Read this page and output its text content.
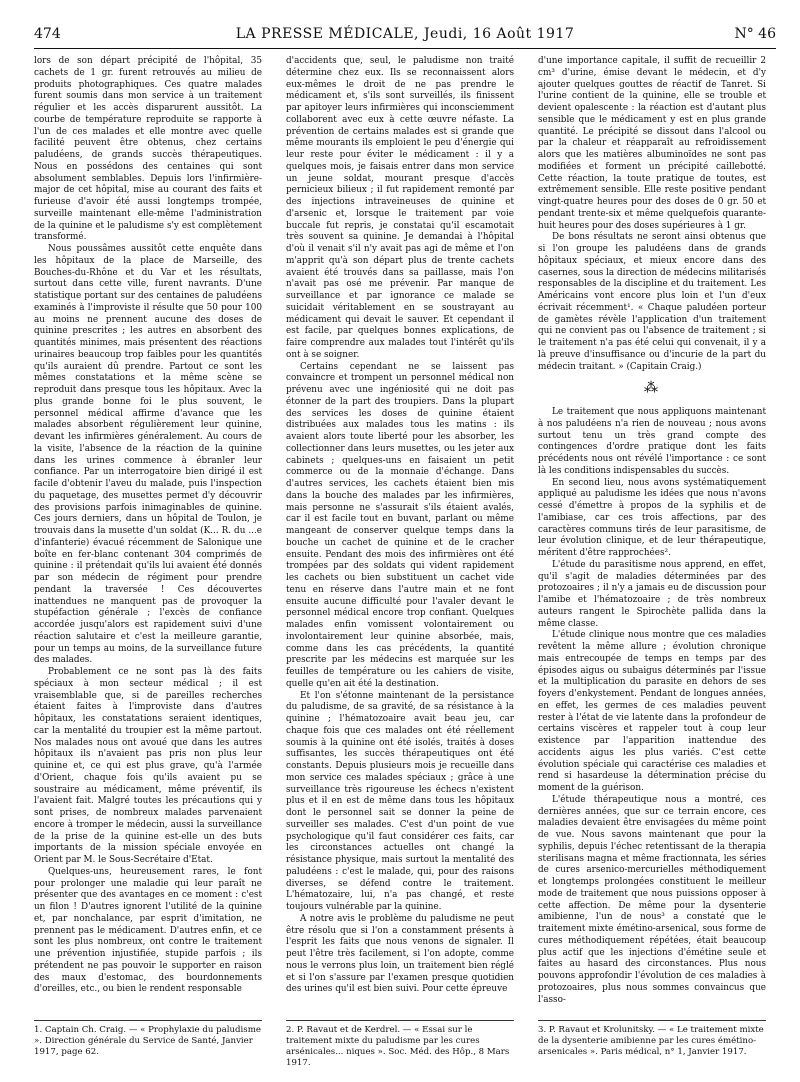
474	LA PRESSE MÉDICALE, Jeudi, 16 Août 1917	N° 46

lors de son départ précipité de l'hôpital, 35 cachets de 1 gr. furent retrouvés au milieu de produits photographiques. Ces quatre malades furent soumis dans mon service à un traitement régulier et les accès disparurent aussitôt. La courbe de température reproduite se rapporte à l'un de ces malades et elle montre avec quelle facilité peuvent être obtenus, chez certains paludéens, de grands succès thérapeutiques. Nous en possédons des centaines qui sont absolument semblables. Depuis lors l'infirmière-major de cet hôpital, mise au courant des faits et furieuse d'avoir été aussi longtemps trompée, surveille maintenant elle-même l'administration de la quinine et le paludisme s'y est complètement transformé.

Nous poussâmes aussitôt cette enquête dans les hôpitaux de la place de Marseille, des Bouches-du-Rhône et du Var et les résultats, surtout dans cette ville, furent navrants. D'une statistique portant sur des centaines de paludéens examinés à l'improviste il résulte que 50 pour 100 au moins ne prennent aucune des doses de quinine prescrites ; les autres en absorbent des quantités minimes, mais présentent des réactions urinaires beaucoup trop faibles pour les quantités qu'ils auraient dû prendre. Partout ce sont les mêmes constatations et la même scène se reproduit dans presque tous les hôpitaux. Avec la plus grande bonne foi le plus souvent, le personnel médical affirme d'avance que les malades absorbent régulièrement leur quinine, devant les infirmières généralement. Au cours de la visite, l'absence de la réaction de la quinine dans les urines commence à ébranler leur confiance. Par un interrogatoire bien dirigé il est facile d'obtenir l'aveu du malade, puis l'inspection du paquetage, des musettes permet d'y découvrir des provisions parfois inimaginables de quinine. Ces jours derniers, dans un hôpital de Toulon, je trouvais dans la musette d'un soldat (K... R. du ...e d'infanterie) évacué récemment de Salonique une boîte en fer-blanc contenant 304 comprimés de quinine : il prétendait qu'ils lui avaient été donnés par son médecin de régiment pour prendre pendant la traversée ! Ces découvertes inattendues ne manquent pas de provoquer la stupéfaction générale ; l'excès de confiance accordée jusqu'alors est rapidement suivi d'une réaction salutaire et c'est la meilleure garantie, pour un temps au moins, de la surveillance future des malades.

Probablement ce ne sont pas là des faits spéciaux à mon secteur médical ; il est vraisemblable que, si de pareilles recherches étaient faites à l'improviste dans d'autres hôpitaux, les constatations seraient identiques, car la mentalité du troupier est la même partout. Nos malades nous ont avoué que dans les autres hôpitaux ils n'avaient pas pris non plus leur quinine et, ce qui est plus grave, qu'à l'armée d'Orient, chaque fois qu'ils avaient pu se soustraire au médicament, même préventif, ils l'avaient fait. Malgré toutes les précautions qui y sont prises, de nombreux malades parvenaient encore à tromper le médecin, aussi la surveillance de la prise de la quinine est-elle un des buts importants de la mission spéciale envoyée en Orient par M. le Sous-Secrétaire d'Etat.

Quelques-uns, heureusement rares, le font pour prolonger une maladie qui leur paraît ne présenter que des avantages en ce moment : c'est un filon ! D'autres ignorent l'utilité de la quinine et, par nonchalance, par esprit d'imitation, ne prennent pas le médicament. D'autres enfin, et ce sont les plus nombreux, ont contre le traitement une prévention injustifiée, stupide parfois ; ils prétendent ne pas pouvoir le supporter en raison des maux d'estomac, des bourdonnements d'oreilles, etc., ou bien le rendent responsable

d'accidents que, seul, le paludisme non traité détermine chez eux. Ils se reconnaissent alors eux-mêmes le droit de ne pas prendre le médicament et, s'ils sont surveillés, ils finissent par apitoyer leurs infirmières qui inconsciemment collaborent avec eux à cette œuvre néfaste. La prévention de certains malades est si grande que même mourants ils emploient le peu d'énergie qui leur reste pour éviter le médicament : il y a quelques mois, je faisais entrer dans mon service un jeune soldat, mourant presque d'accès pernicieux bilieux ; il fut rapidement remonté par des injections intraveineuses de quinine et d'arsenic et, lorsque le traitement par voie buccale fut repris, je constatai qu'il escamotait très souvent sa quinine. Je demandai à l'hôpital d'où il venait s'il n'y avait pas agi de même et l'on m'apprit qu'à son départ plus de trente cachets avaient été trouvés dans sa paillasse, mais l'on n'avait pas osé me prévenir. Par manque de surveillance et par ignorance ce malade se suicidait véritablement en se soustrayant au médicament qui devait le sauver. Et cependant il est facile, par quelques bonnes explications, de faire comprendre aux malades tout l'intérêt qu'ils ont à se soigner.

Certains cependant ne se laissent pas convaincre et trompent un personnel médical non prévenu avec une ingéniosité qui ne doit pas étonner de la part des troupiers. Dans la plupart des services les doses de quinine étaient distribuées aux malades tous les matins : ils avaient alors toute liberté pour les absorber, les collectionner dans leurs musettes, ou les jeter aux cabinets ; quelques-uns en faisaient un petit commerce ou de la monnaie d'échange. Dans d'autres services, les cachets étaient bien mis dans la bouche des malades par les infirmières, mais personne ne s'assurait s'ils étaient avalés, car il est facile tout en buvant, parlant ou même mangeant de conserver quelque temps dans la bouche un cachet de quinine et de le cracher ensuite. Pendant des mois des infirmières ont été trompées par des soldats qui vident rapidement les cachets ou bien substituent un cachet vide tenu en réserve dans l'autre main et ne font ensuite aucune difficulté pour l'avaler devant le personnel médical encore trop confiant. Quelques malades enfin vomissent volontairement ou involontairement leur quinine absorbée, mais, comme dans les cas précédents, la quantité prescrite par les médecins est marquée sur les feuilles de température ou les cahiers de visite, quelle qu'en ait été la destination.

Et l'on s'étonne maintenant de la persistance du paludisme, de sa gravité, de sa résistance à la quinine ; l'hématozoaire avait beau jeu, car chaque fois que ces malades ont été réellement soumis à la quinine ont été isolés, traités à doses suffisantes, les succès thérapeutiques ont été constants. Depuis plusieurs mois je recueille dans mon service ces malades spéciaux ; grâce à une surveillance très rigoureuse les échecs n'existent plus et il en est de même dans tous les hôpitaux dont le personnel sait se donner la peine de surveiller ses malades. C'est d'un point de vue psychologique qu'il faut considérer ces faits, car les circonstances actuelles ont changé la résistance physique, mais surtout la mentalité des paludéens : c'est le malade, qui, pour des raisons diverses, se défend contre le traitement. L'hématozaire, lui, n'a pas changé, et reste toujours vulnérable par la quinine.

A notre avis le problème du paludisme ne peut être résolu que si l'on a constamment présents à l'esprit les faits que nous venons de signaler. Il peut l'être très facilement, si l'on adopte, comme nous le verrons plus loin, un traitement bien réglé et si l'on s'assure par l'examen presque quotidien des urines qu'il est bien suivi. Pour cette épreuve

d'une importance capitale, il suffit de recueillir 2 cm³ d'urine, émise devant le médecin, et d'y ajouter quelques gouttes de réactif de Tanret. Si l'urine contient de la quinine, elle se trouble et devient opalescente : la réaction est d'autant plus sensible que le médicament y est en plus grande quantité. Le précipité se dissout dans l'alcool ou par la chaleur et réapparaît au refroidissement alors que les matières albuminoïdes ne sont pas modifiées et forment un précipité caillebotté. Cette réaction, la toute pratique de toutes, est extrêmement sensible. Elle reste positive pendant vingt-quatre heures pour des doses de 0 gr. 50 et pendant trente-six et même quelquefois quarante-huit heures pour des doses supérieures à 1 gr.

De bons résultats ne seront ainsi obtenus que si l'on groupe les paludéens dans de grands hôpitaux spéciaux, et mieux encore dans des casernes, sous la direction de médecins militarisés responsables de la discipline et du traitement. Les Américains vont encore plus loin et l'un d'eux écrivait récemment¹. « Chaque paludéen porteur de gamètes révèle l'application d'un traitement qui ne convient pas ou l'absence de traitement ; si le traitement n'a pas été celui qui convenait, il y a là preuve d'insuffisance ou d'incurie de la part du médecin traitant. » (Capitain Craig.)

⁂

Le traitement que nous appliquons maintenant à nos paludéens n'a rien de nouveau ; nous avons surtout tenu un très grand compte des contingences d'ordre pratique dont les faits précédents nous ont révélé l'importance : ce sont là les conditions indispensables du succès.

En second lieu, nous avons systématiquement appliqué au paludisme les idées que nous n'avons cessé d'émettre à propos de la syphilis et de l'amibiase, car ces trois affections, par des caractères communs tirés de leur parasitisme, de leur évolution clinique, et de leur thérapeutique, méritent d'être rapprochées².

L'étude du parasitisme nous apprend, en effet, qu'il s'agit de maladies déterminées par des protozoaires ; il n'y a jamais eu de discussion pour l'amibe et l'hématozoaire ; de très nombreux auteurs rangent le Spirochète pallida dans la même classe.

L'étude clinique nous montre que ces maladies revêtent la même allure ; évolution chronique mais entrecoupée de temps en temps par des épisodes aigus ou subaigus déterminés par l'issue et la multiplication du parasite en dehors de ses foyers d'enkystement. Pendant de longues années, en effet, les germes de ces maladies peuvent rester à l'état de vie latente dans la profondeur de certains viscères et rappeler tout à coup leur existence par l'apparition inattendue des accidents aigus les plus variés. C'est cette évolution spéciale qui caractérise ces maladies et rend si hasardeuse la détermination précise du moment de la guérison.

L'étude thérapeutique nous a montré, ces dernières années, que sur ce terrain encore, ces maladies devaient être envisagées du même point de vue. Nous savons maintenant que pour la syphilis, depuis l'échec retentissant de la therapia sterilisans magna et même fractionnata, les séries de cures arsenico-mercurielles méthodiquement et longtemps prolongées constituent le meilleur mode de traitement que nous puissions opposer à cette affection. De même pour la dysenterie amibienne, l'un de nous³ a constaté que le traitement mixte émétino-arsenical, sous forme de cures méthodiquement répétées, était beaucoup plus actif que les injections d'émétine seule et faites au hasard des circonstances. Plus nous pouvons approfondir l'évolution de ces maladies à protozoaires, plus nous sommes convaincus que l'asso-

1. Captain Ch. Craig. — « Prophylaxie du paludisme ». Direction générale du Service de Santé, Janvier 1917, page 62.
2. P. Ravaut et de Kerdrel. — « Essai sur le traitement mixte du paludisme par les cures arsénicales... niques ». Soc. Méd. des Hôp., 8 Mars 1917.
3. P. Ravaut et Krolunitsky. — « Le traitement mixte de la dysenterie amibienne par les cures émétino-arsenicales ». Paris médical, n° 1, Janvier 1917.
